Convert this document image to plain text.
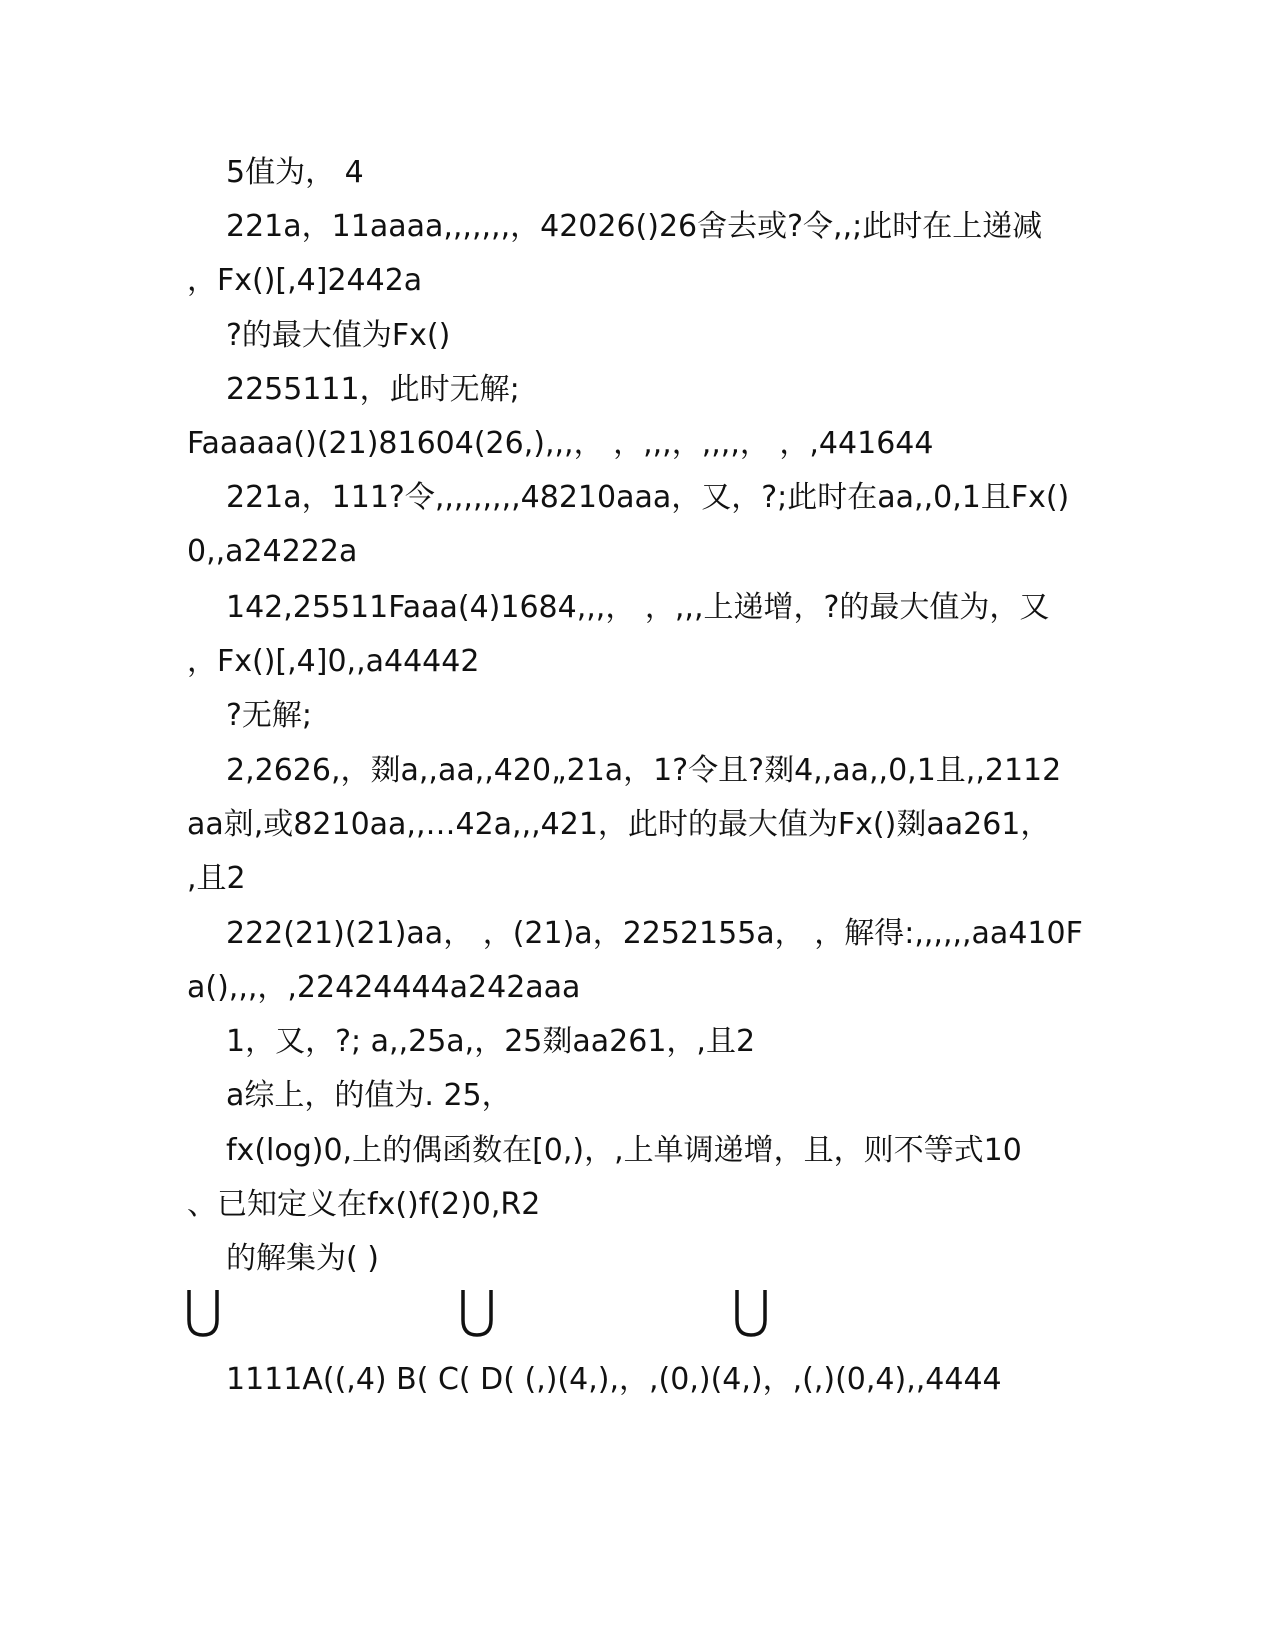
5值为， 4
221a，11aaaa,,,,,,,，42026()26舍去或?令,,;此时在上递减
，Fx()[,4]2442a
?的最大值为Fx()
2255111，此时无解;
Faaaaa()(21)81604(26,),,,， ，,,,，,,,,， ，,441644
221a，111?令,,,,,,,,,48210aaa，又，?;此时在aa,,0,1且Fx()
0,,a24222a
142,25511Faaa(4)1684,,,， ，,,,上递增，?的最大值为，又
，Fx()[,4]0,,a44442
?无解;
2,2626,，剟a,,aa,,420„21a，1?令且?剟4,,aa,,0,1且,,2112
aa剠,或8210aa,,…42a,,,421，此时的最大值为Fx()剟aa261，
,且2
222(21)(21)aa， ，(21)a，2252155a， ，解得:,,,,,,aa410F
a(),,,，,22424444a242aaa
1，又，?; a,,25a,，25剟aa261，,且2
a综上，的值为. 25，
fx(log)0,上的偶函数在[0,)，,上单调递增，且，则不等式10
、已知定义在fx()f(2)0,R2
的解集为( )
1111A((,4) B( C( D( (,)(4,),，,(0,)(4,)，,(,)(0,4),,4444
